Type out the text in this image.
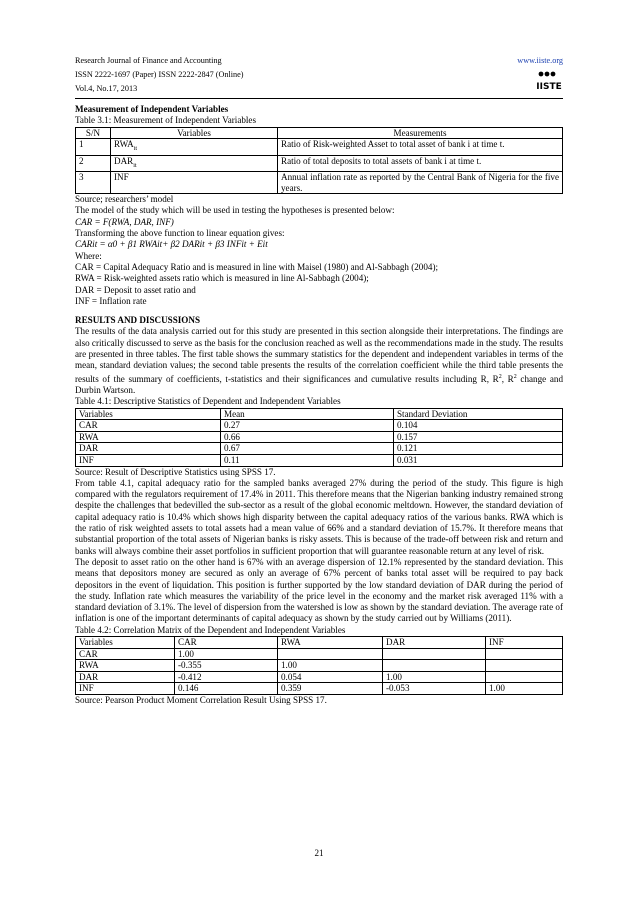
Research Journal of Finance and Accounting
ISSN 2222-1697 (Paper) ISSN 2222-2847 (Online)
Vol.4, No.17, 2013
www.iiste.org
IISTE

Measurement of Independent Variables

Table 3.1: Measurement of Independent Variables

S/N	Variables	Measurements
1	$RWA_{it}$	Ratio of Risk-weighted Asset to total asset of bank i at time t.
2	$DAR_{it}$	Ratio of total deposits to total assets of bank i at time t.
3	INF	Annual inflation rate as reported by the Central Bank of Nigeria for the five years.

Source; researchers’ model

The model of the study which will be used in testing the hypotheses is presented below:

CAR = F(RWA, DAR, INF)

Transforming the above function to linear equation gives:

CARit = α0 + β1 RWAit+ β2 DARit + β3 INFit + Eit

Where:

CAR = Capital Adequacy Ratio and is measured in line with Maisel (1980) and Al-Sabbagh (2004);

RWA = Risk-weighted assets ratio which is measured in line Al-Sabbagh (2004);

DAR = Deposit to asset ratio and

INF = Inflation rate

RESULTS AND DISCUSSIONS

The results of the data analysis carried out for this study are presented in this section alongside their interpretations. The findings are also critically discussed to serve as the basis for the conclusion reached as well as the recommendations made in the study. The results are presented in three tables. The first table shows the summary statistics for the dependent and independent variables in terms of the mean, standard deviation values; the second table presents the results of the correlation coefficient while the third table presents the results of the summary of coefficients, t-statistics and their significances and cumulative results including R, $R^2$, $R^2$ change and Durbin Wartson.

Table 4.1: Descriptive Statistics of Dependent and Independent Variables

Variables	Mean	Standard Deviation
CAR	0.27	0.104
RWA	0.66	0.157
DAR	0.67	0.121
INF	0.11	0.031

Source: Result of Descriptive Statistics using SPSS 17.

From table 4.1, capital adequacy ratio for the sampled banks averaged 27% during the period of the study. This figure is high compared with the regulators requirement of 17.4% in 2011. This therefore means that the Nigerian banking industry remained strong despite the challenges that bedevilled the sub-sector as a result of the global economic meltdown. However, the standard deviation of capital adequacy ratio is 10.4% which shows high disparity between the capital adequacy ratios of the various banks. RWA which is the ratio of risk weighted assets to total assets had a mean value of 66% and a standard deviation of 15.7%. It therefore means that substantial proportion of the total assets of Nigerian banks is risky assets. This is because of the trade-off between risk and return and banks will always combine their asset portfolios in sufficient proportion that will guarantee reasonable return at any level of risk.

The deposit to asset ratio on the other hand is 67% with an average dispersion of 12.1% represented by the standard deviation. This means that depositors money are secured as only an average of 67% percent of banks total asset will be required to pay back depositors in the event of liquidation. This position is further supported by the low standard deviation of DAR during the period of the study. Inflation rate which measures the variability of the price level in the economy and the market risk averaged 11% with a standard deviation of 3.1%. The level of dispersion from the watershed is low as shown by the standard deviation. The average rate of inflation is one of the important determinants of capital adequacy as shown by the study carried out by Williams (2011).

Table 4.2: Correlation Matrix of the Dependent and Independent Variables

Variables	CAR	RWA	DAR	INF
CAR	1.00			
RWA	-0.355	1.00		
DAR	-0.412	0.054	1.00	
INF	0.146	0.359	-0.053	1.00

Source: Pearson Product Moment Correlation Result Using SPSS 17.

21
